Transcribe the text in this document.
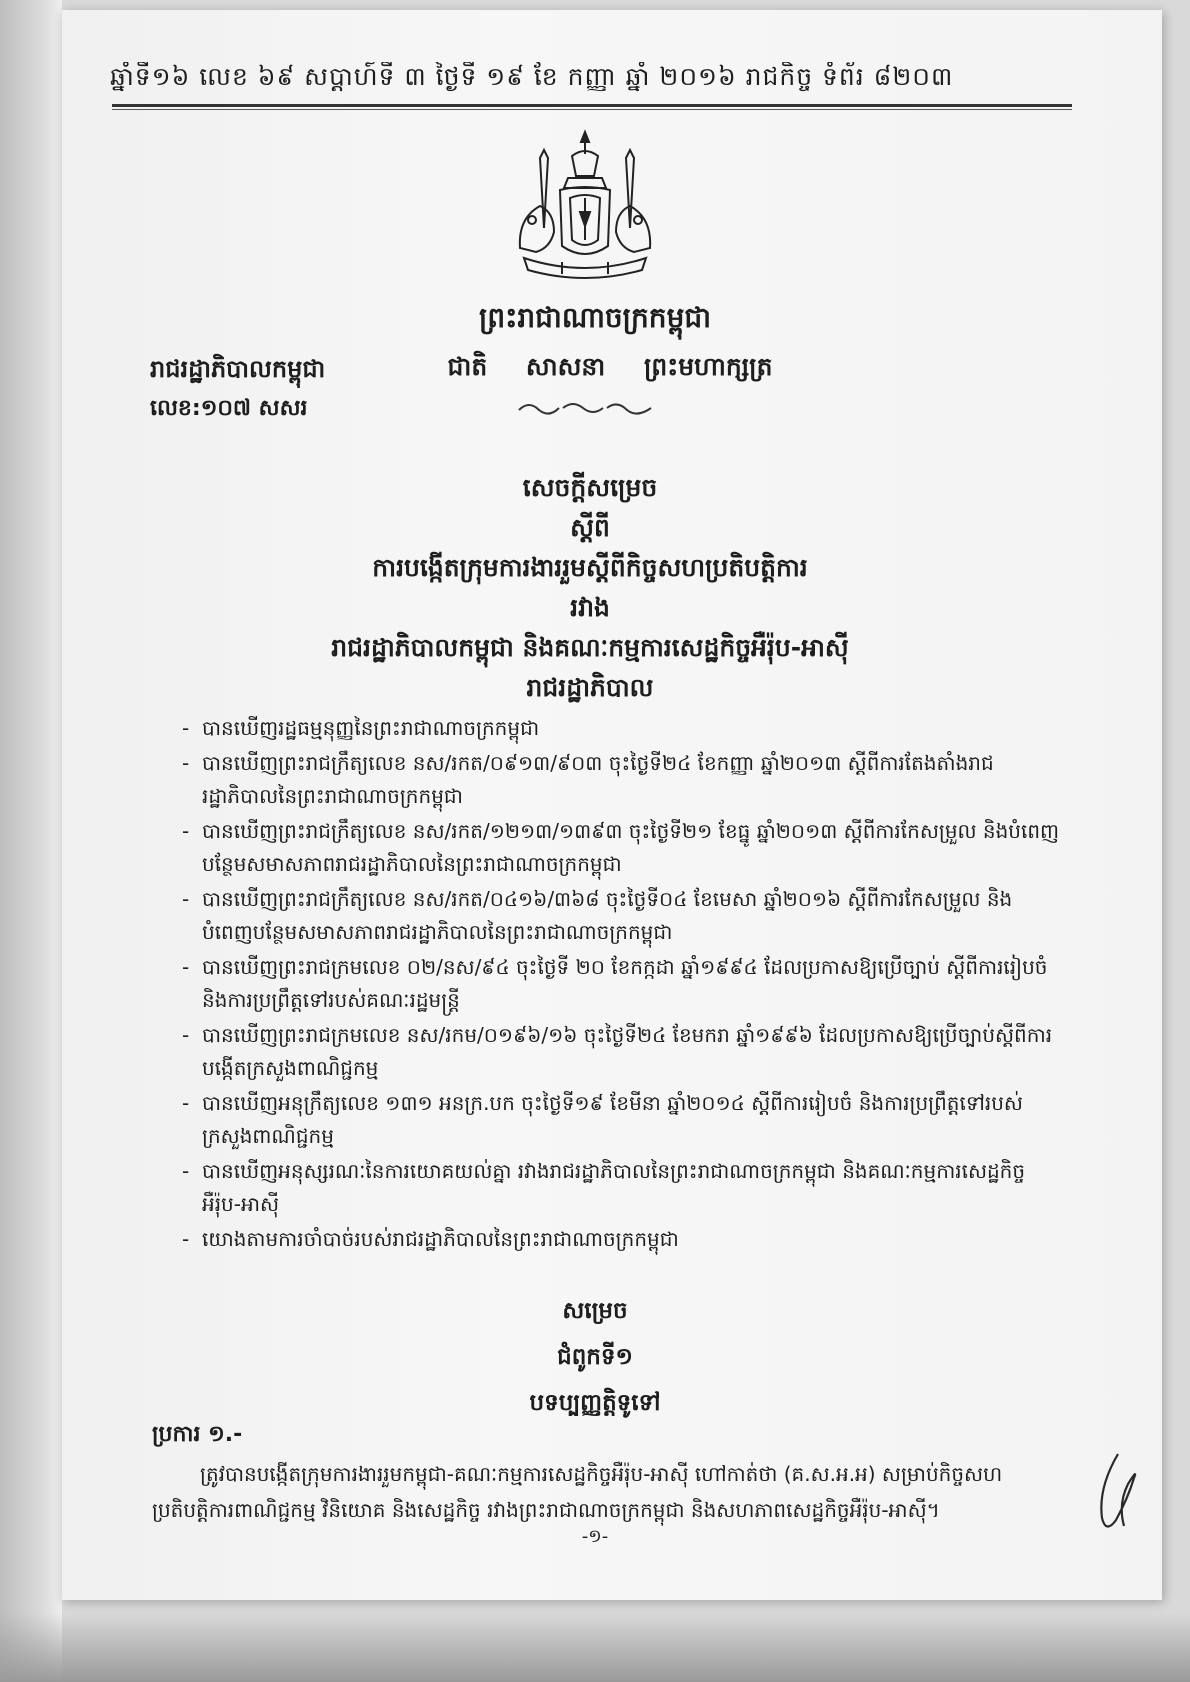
ឆ្នាំទី១៦ លេខ ៦៩ សប្ដាហ៍ទី ៣ ថ្ងៃទី ១៩ ខែ កញ្ញា ឆ្នាំ ២០១៦ រាជកិច្ច ទំព័រ ៨២០៣
ព្រះរាជាណាចក្រកម្ពុជា
រាជរដ្ឋាភិបាលកម្ពុជា
លេខ:១០៧ សសរ
ជាតិ សាសនា ព្រះមហាក្សត្រ
សេចក្តីសម្រេច
ស្តីពី
ការបង្កើតក្រុមការងាររួមស្តីពីកិច្ចសហប្រតិបត្តិការ
រវាង
រាជរដ្ឋាភិបាលកម្ពុជា និងគណៈកម្មការសេដ្ឋកិច្ចអឺរ៉ុប-អាស៊ី
រាជរដ្ឋាភិបាល
- បានឃើញរដ្ឋធម្មនុញ្ញនៃព្រះរាជាណាចក្រកម្ពុជា
- បានឃើញព្រះរាជក្រឹត្យលេខ នស/រកត/០៩១៣/៩០៣ ចុះថ្ងៃទី២៤ ខែកញ្ញា ឆ្នាំ២០១៣ ស្តីពីការតែងតាំងរាជរដ្ឋាភិបាលនៃព្រះរាជាណាចក្រកម្ពុជា
- បានឃើញព្រះរាជក្រឹត្យលេខ នស/រកត/១២១៣/១៣៩៣ ចុះថ្ងៃទី២១ ខែធ្នូ ឆ្នាំ២០១៣ ស្តីពីការកែសម្រួល និងបំពេញបន្ថែមសមាសភាពរាជរដ្ឋាភិបាលនៃព្រះរាជាណាចក្រកម្ពុជា
- បានឃើញព្រះរាជក្រឹត្យលេខ នស/រកត/០៤១៦/៣៦៨ ចុះថ្ងៃទី០៤ ខែមេសា ឆ្នាំ២០១៦ ស្តីពីការកែសម្រួល និងបំពេញបន្ថែមសមាសភាពរាជរដ្ឋាភិបាលនៃព្រះរាជាណាចក្រកម្ពុជា
- បានឃើញព្រះរាជក្រមលេខ ០២/នស/៩៤ ចុះថ្ងៃទី ២០ ខែកក្កដា ឆ្នាំ១៩៩៤ ដែលប្រកាសឱ្យប្រើច្បាប់ ស្តីពីការរៀបចំ និងការប្រព្រឹត្តទៅរបស់គណៈរដ្ឋមន្ត្រី
- បានឃើញព្រះរាជក្រមលេខ នស/រកម/០១៩៦/១៦ ចុះថ្ងៃទី២៤ ខែមករា ឆ្នាំ១៩៩៦ ដែលប្រកាសឱ្យប្រើច្បាប់ស្តីពីការបង្កើតក្រសួងពាណិជ្ជកម្ម
- បានឃើញអនុក្រឹត្យលេខ ១៣១ អនក្រ.បក ចុះថ្ងៃទី១៩ ខែមីនា ឆ្នាំ២០១៤ ស្តីពីការរៀបចំ និងការប្រព្រឹត្តទៅរបស់ក្រសួងពាណិជ្ជកម្ម
- បានឃើញអនុស្សរណៈនៃការយោគយល់គ្នា រវាងរាជរដ្ឋាភិបាលនៃព្រះរាជាណាចក្រកម្ពុជា និងគណៈកម្មការសេដ្ឋកិច្ចអឺរ៉ុប-អាស៊ី
- យោងតាមការចាំបាច់របស់រាជរដ្ឋាភិបាលនៃព្រះរាជាណាចក្រកម្ពុជា
សម្រេច
ជំពូកទី១
បទប្បញ្ញត្តិទូទៅ
ប្រការ ១.-
ត្រូវបានបង្កើតក្រុមការងាររួមកម្ពុជា-គណៈកម្មការសេដ្ឋកិច្ចអឺរ៉ុប-អាស៊ី ហៅកាត់ថា (គ.ស.អ.អ) សម្រាប់កិច្ចសហប្រតិបត្តិការពាណិជ្ជកម្ម វិនិយោគ និងសេដ្ឋកិច្ច រវាងព្រះរាជាណាចក្រកម្ពុជា និងសហភាពសេដ្ឋកិច្ចអឺរ៉ុប-អាស៊ី។
-១-
